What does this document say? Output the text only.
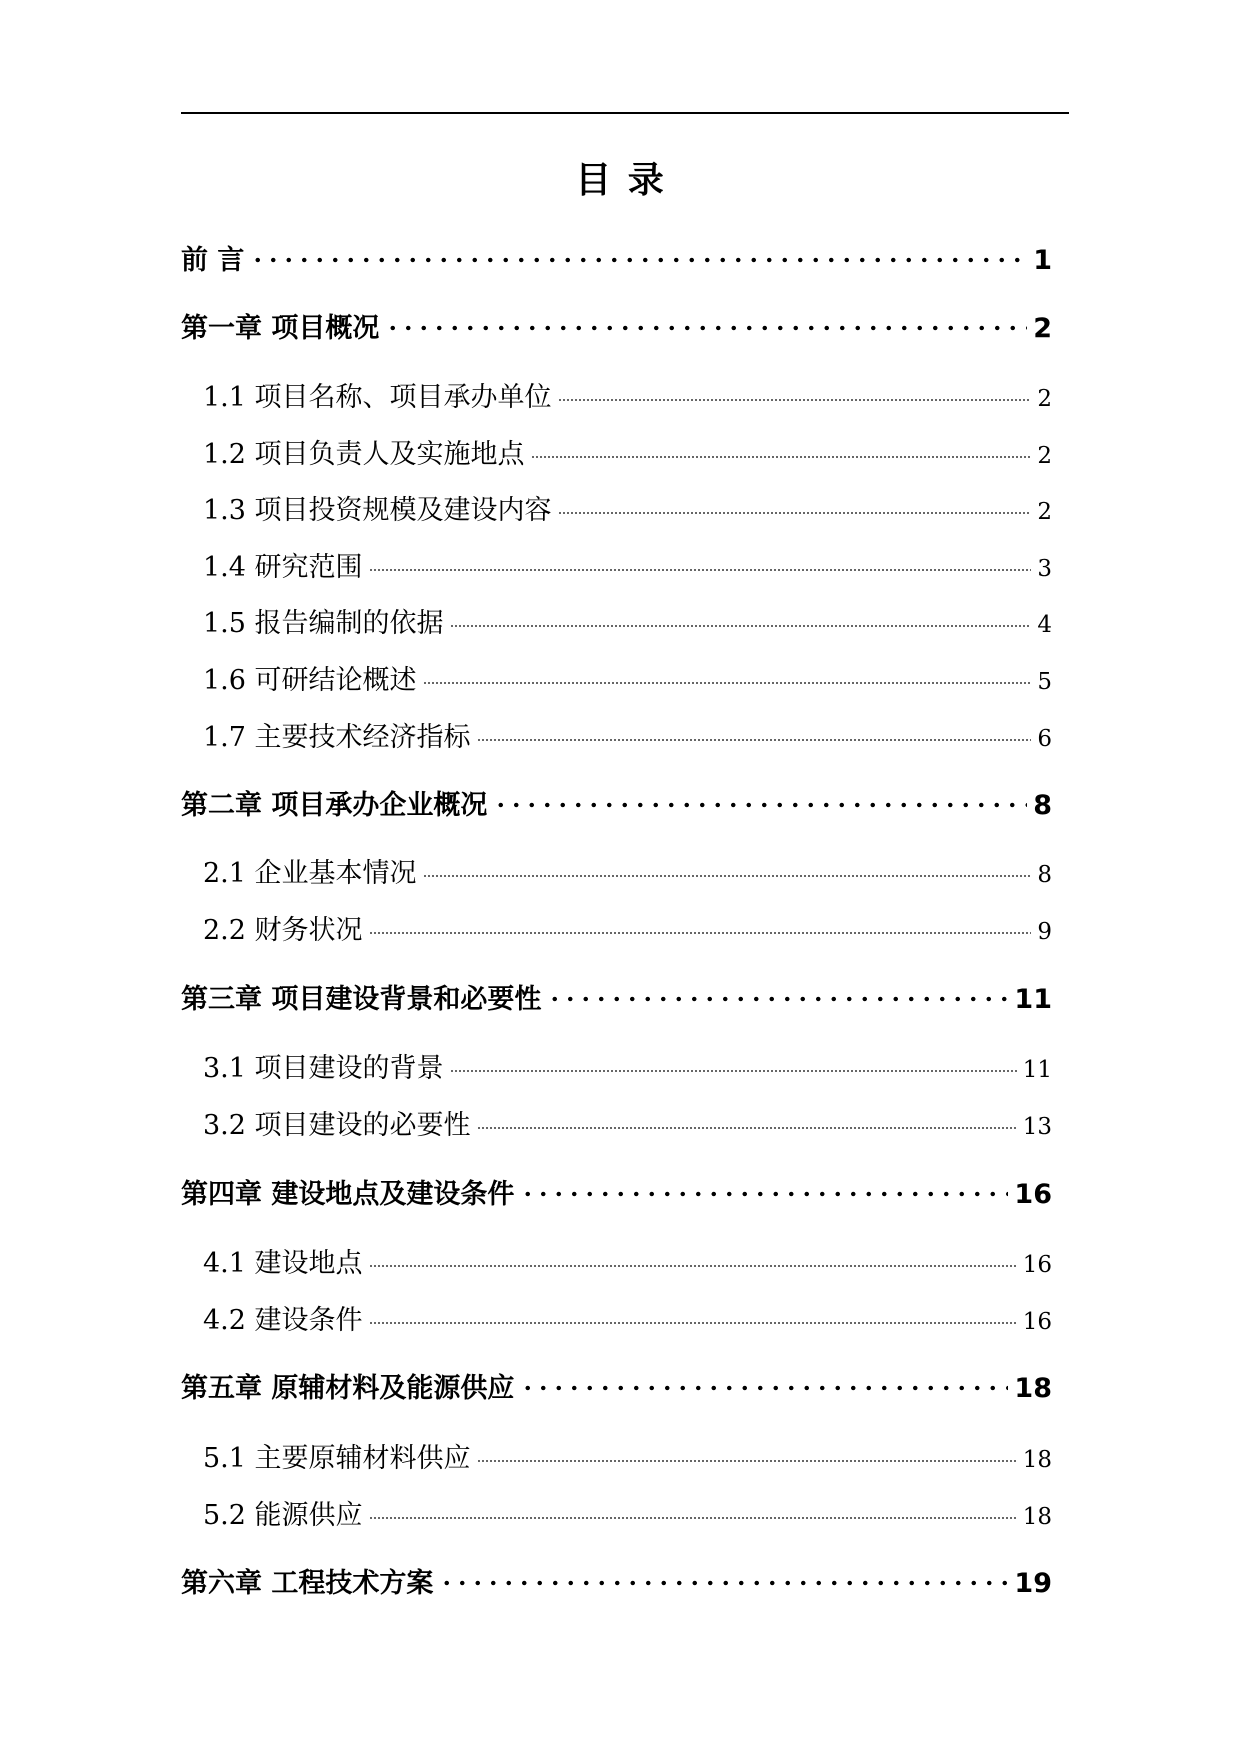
目 录
前 言	1
第一章 项目概况	2
1.1 项目名称、项目承办单位	2
1.2 项目负责人及实施地点	2
1.3 项目投资规模及建设内容	2
1.4 研究范围	3
1.5 报告编制的依据	4
1.6 可研结论概述	5
1.7 主要技术经济指标	6
第二章 项目承办企业概况	8
2.1 企业基本情况	8
2.2 财务状况	9
第三章 项目建设背景和必要性	11
3.1 项目建设的背景	11
3.2 项目建设的必要性	13
第四章 建设地点及建设条件	16
4.1 建设地点	16
4.2 建设条件	16
第五章 原辅材料及能源供应	18
5.1 主要原辅材料供应	18
5.2 能源供应	18
第六章 工程技术方案	19
